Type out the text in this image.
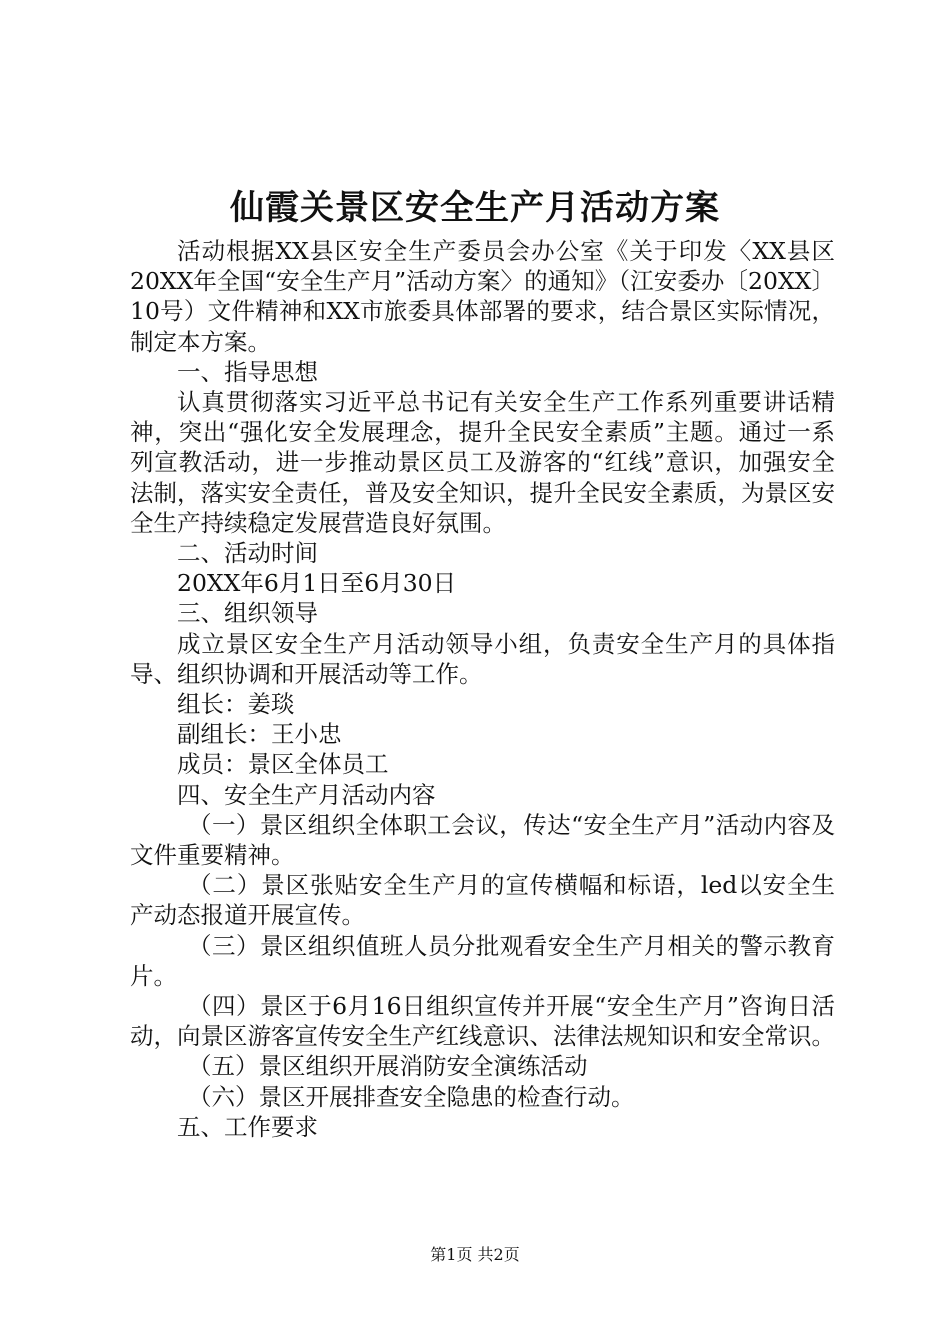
仙霞关景区安全生产月活动方案

活动根据XX县区安全生产委员会办公室《关于印发〈XX县区20XX年全国“安全生产月”活动方案〉的通知》（江安委办〔20XX〕10号）文件精神和XX市旅委具体部署的要求，结合景区实际情况，制定本方案。

一、指导思想

认真贯彻落实习近平总书记有关安全生产工作系列重要讲话精神，突出“强化安全发展理念，提升全民安全素质”主题。通过一系列宣教活动，进一步推动景区员工及游客的“红线”意识，加强安全法制，落实安全责任，普及安全知识，提升全民安全素质，为景区安全生产持续稳定发展营造良好氛围。

二、活动时间

20XX年6月1日至6月30日

三、组织领导

成立景区安全生产月活动领导小组，负责安全生产月的具体指导、组织协调和开展活动等工作。

组长：姜琰

副组长：王小忠

成员：景区全体员工

四、安全生产月活动内容

（一）景区组织全体职工会议，传达“安全生产月”活动内容及文件重要精神。

（二）景区张贴安全生产月的宣传横幅和标语，led以安全生产动态报道开展宣传。

（三）景区组织值班人员分批观看安全生产月相关的警示教育片。

（四）景区于6月16日组织宣传并开展“安全生产月”咨询日活动，向景区游客宣传安全生产红线意识、法律法规知识和安全常识。

（五）景区组织开展消防安全演练活动

（六）景区开展排查安全隐患的检查行动。

五、工作要求

第1页 共2页
